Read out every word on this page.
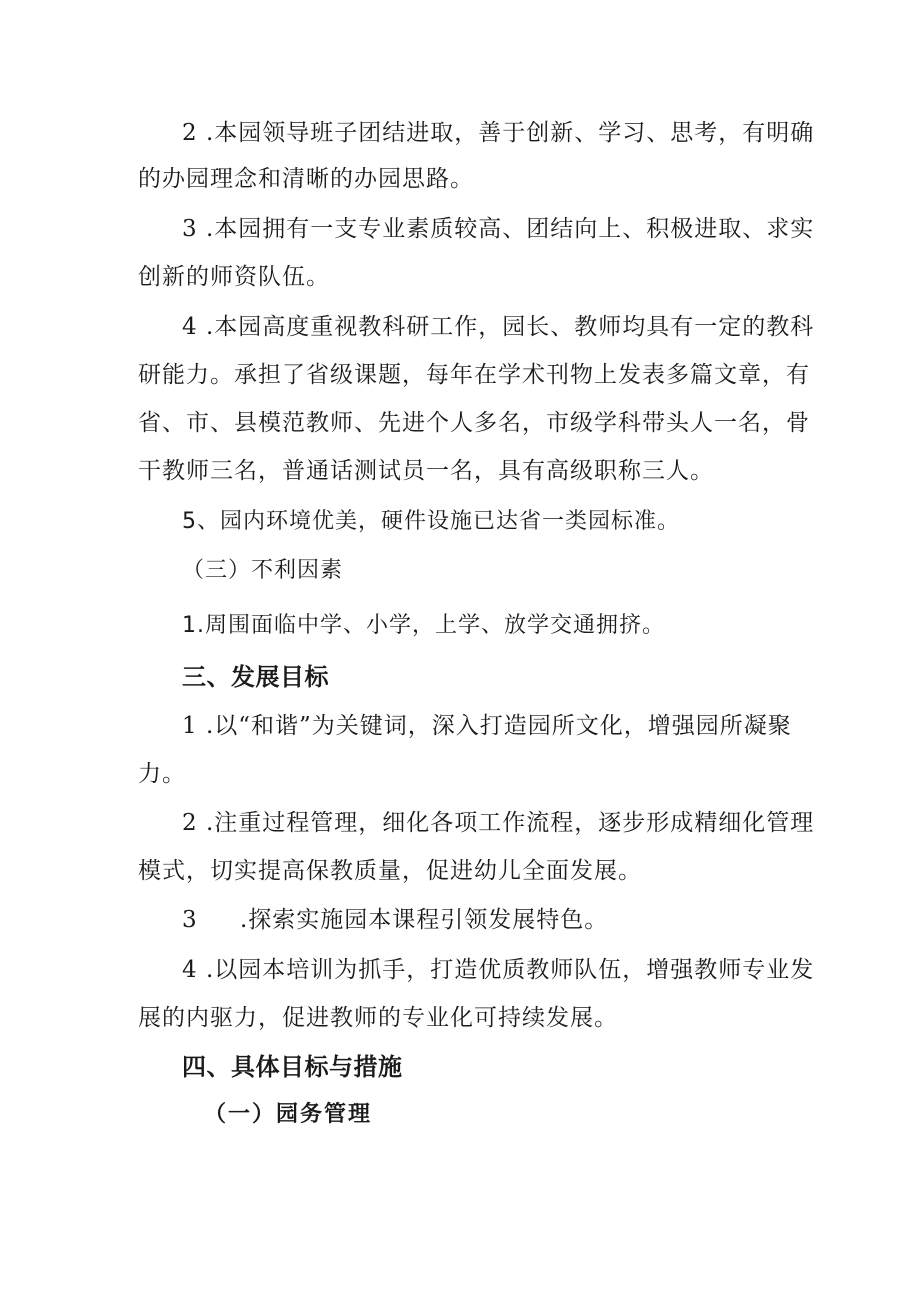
2 .本园领导班子团结进取，善于创新、学习、思考，有明确
的办园理念和清晰的办园思路。
3 .本园拥有一支专业素质较高、团结向上、积极进取、求实
创新的师资队伍。
4 .本园高度重视教科研工作，园长、教师均具有一定的教科
研能力。承担了省级课题，每年在学术刊物上发表多篇文章，有
省、市、县模范教师、先进个人多名，市级学科带头人一名，骨
干教师三名，普通话测试员一名，具有高级职称三人。
5、园内环境优美，硬件设施已达省一类园标准。
（三）不利因素
1.周围面临中学、小学，上学、放学交通拥挤。
三、发展目标
1 .以“和谐”为关键词，深入打造园所文化，增强园所凝聚
力。
2 .注重过程管理，细化各项工作流程，逐步形成精细化管理
模式，切实提高保教质量，促进幼儿全面发展。
3 .探索实施园本课程引领发展特色。
4 .以园本培训为抓手，打造优质教师队伍，增强教师专业发
展的内驱力，促进教师的专业化可持续发展。
四、具体目标与措施
（一）园务管理
